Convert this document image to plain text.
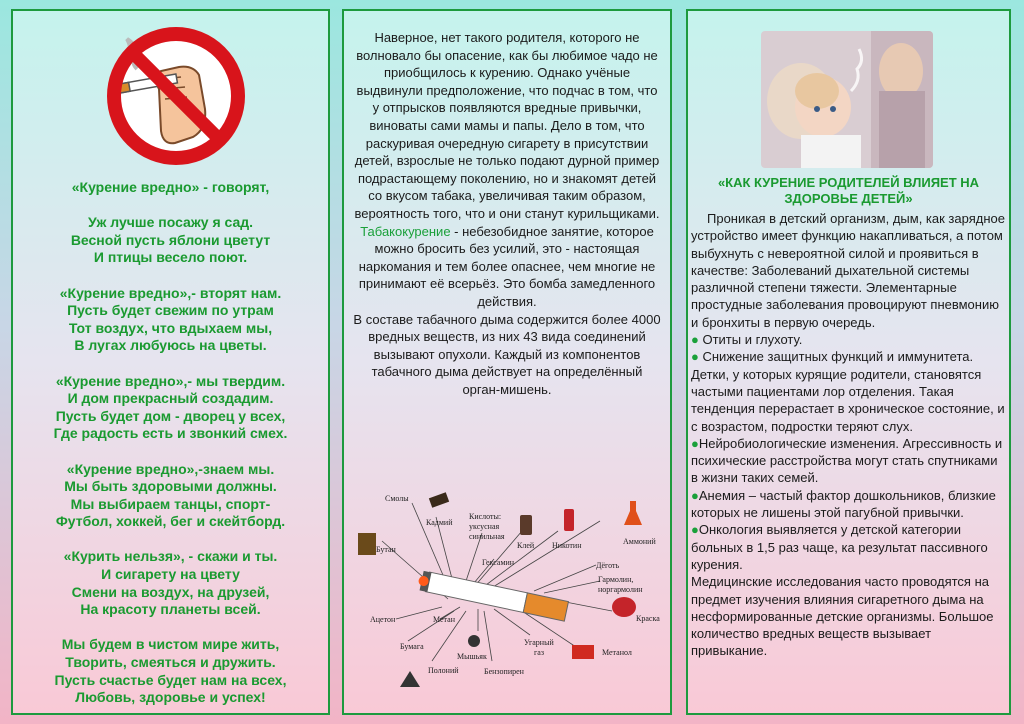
«Курение вредно» - говорят,
Уж лучше посажу я сад.
Весной пусть яблони цветут
И птицы весело поют.
«Курение вредно»,- вторят нам.
Пусть будет свежим по утрам
Тот воздух, что вдыхаем мы,
В лугах любуюсь на цветы.
«Курение вредно»,- мы твердим.
И дом прекрасный создадим.
Пусть будет дом - дворец у всех,
Где радость есть и звонкий смех.
«Курение вредно»,-знаем мы.
Мы быть здоровыми должны.
Мы выбираем танцы, спорт-
Футбол, хоккей, бег и скейтборд.
«Курить нельзя», - скажи и ты.
И сигарету на цвету
Смени на воздух, на друзей,
На красоту планеты всей.
Мы будем в чистом мире жить,
Творить, смеяться и дружить.
Пусть счастье будет нам на всех,
Любовь, здоровье и успех!
Наверное, нет такого родителя, которого не волновало бы опасение, как бы любимое чадо не приобщилось к курению. Однако учёные выдвинули предположение, что подчас в том, что у отпрысков появляются вредные привычки, виноваты сами мамы и папы. Дело в том, что раскуривая очередную сигарету в присутствии детей, взрослые не только подают дурной пример подрастающему поколению, но и знакомят детей со вкусом табака, увеличивая таким образом, вероятность того, что и они станут курильщиками.
Табакокурение - небезобидное занятие, которое можно бросить без усилий, это - настоящая наркомания и тем более опаснее, чем многие не принимают её всерьёз. Это бомба замедленного действия.
В составе табачного дыма содержится более 4000 вредных веществ, из них 43 вида соединений вызывают опухоли. Каждый из компонентов табачного дыма действует на определённый орган-мишень.
Смолы
Кадмий
Кислоты:
уксусная
синильная
Клей Никотин	Аммоний
Бутан
Гексамин	Дёготь
Гармолин,
норгармолин
Краска
Ацетон	Метан
Бумага
Мышьяк
Угарный
газ	Метанол
Полоний	Бензопирен
«КАК КУРЕНИЕ РОДИТЕЛЕЙ ВЛИЯЕТ НА ЗДОРОВЬЕ ДЕТЕЙ»
Проникая в детский организм, дым, как зарядное устройство имеет функцию накапливаться, а потом выбухнуть с невероятной силой и проявиться в качестве: Заболеваний дыхательной системы различной степени тяжести. Элементарные простудные заболевания провоцируют пневмонию и бронхиты в первую очередь.
● Отиты и глухоту.
● Снижение защитных функций и иммунитета. Детки, у которых курящие родители, становятся частыми пациентами лор отделения. Такая тенденция перерастает в хроническое состояние, и с возрастом, подростки теряют слух.
●Нейробиологические изменения. Агрессивность и психические расстройства могут стать спутниками в жизни таких семей.
●Анемия – частый фактор дошкольников, близкие которых не лишены этой пагубной привычки.
●Онкология выявляется у детской категории больных в 1,5 раз чаще, ка результат пассивного курения.
Медицинские исследования часто проводятся на предмет изучения влияния сигаретного дыма на несформированные детские организмы. Большое количество вредных веществ вызывает привыкание.
